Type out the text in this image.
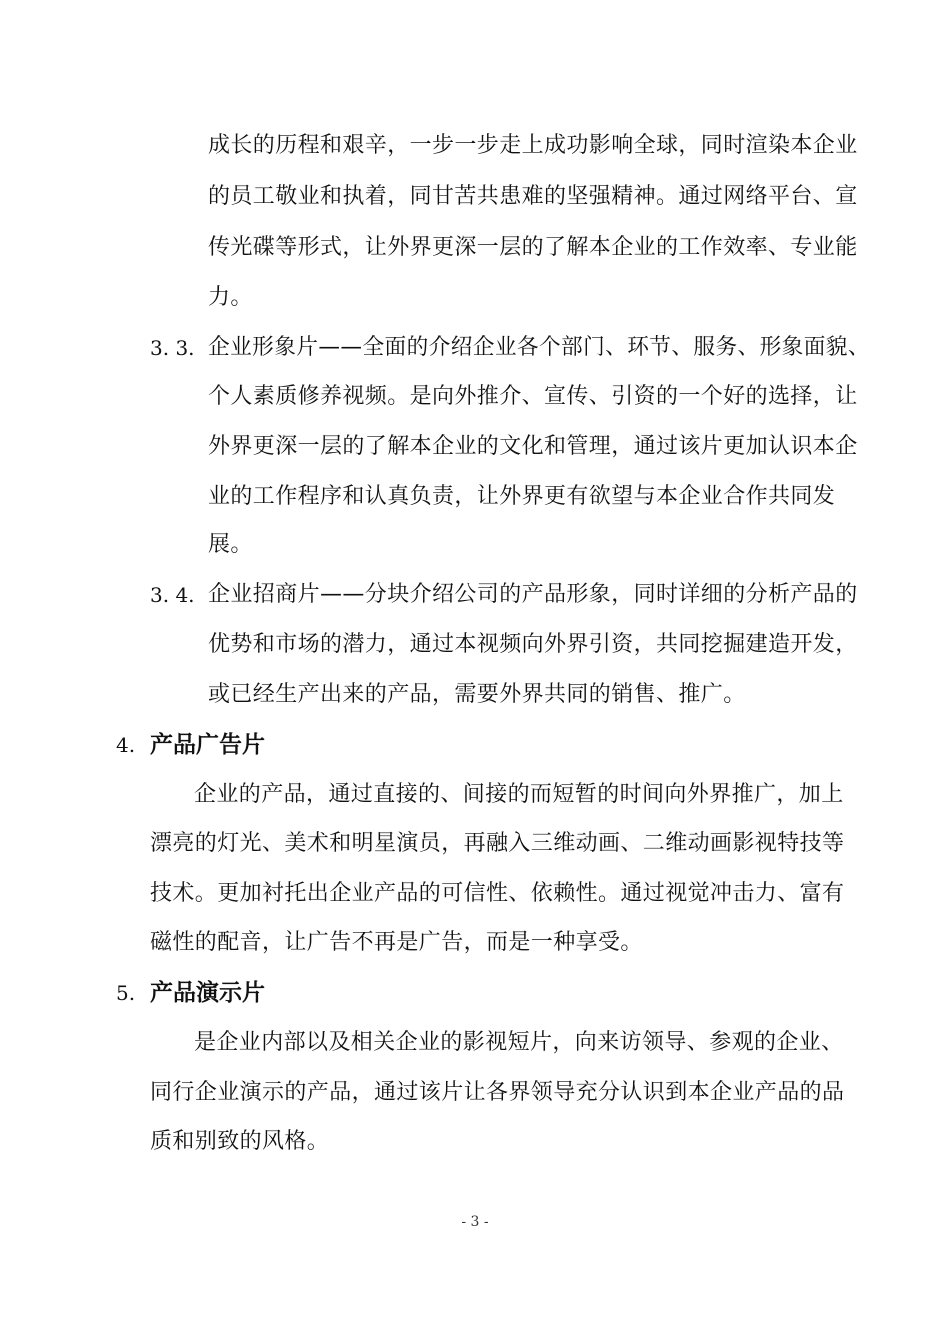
成长的历程和艰辛，一步一步走上成功影响全球，同时渲染本企业
的员工敬业和执着，同甘苦共患难的坚强精神。通过网络平台、宣
传光碟等形式，让外界更深一层的了解本企业的工作效率、专业能
力。
3. 3. 企业形象片——全面的介绍企业各个部门、环节、服务、形象面貌、
个人素质修养视频。是向外推介、宣传、引资的一个好的选择，让
外界更深一层的了解本企业的文化和管理，通过该片更加认识本企
业的工作程序和认真负责，让外界更有欲望与本企业合作共同发
展。
3. 4. 企业招商片——分块介绍公司的产品形象，同时详细的分析产品的
优势和市场的潜力，通过本视频向外界引资，共同挖掘建造开发，
或已经生产出来的产品，需要外界共同的销售、推广。
4. 产品广告片
企业的产品，通过直接的、间接的而短暂的时间向外界推广，加上
漂亮的灯光、美术和明星演员，再融入三维动画、二维动画影视特技等
技术。更加衬托出企业产品的可信性、依赖性。通过视觉冲击力、富有
磁性的配音，让广告不再是广告，而是一种享受。
5. 产品演示片
是企业内部以及相关企业的影视短片，向来访领导、参观的企业、
同行企业演示的产品，通过该片让各界领导充分认识到本企业产品的品
质和别致的风格。
- 3 -
